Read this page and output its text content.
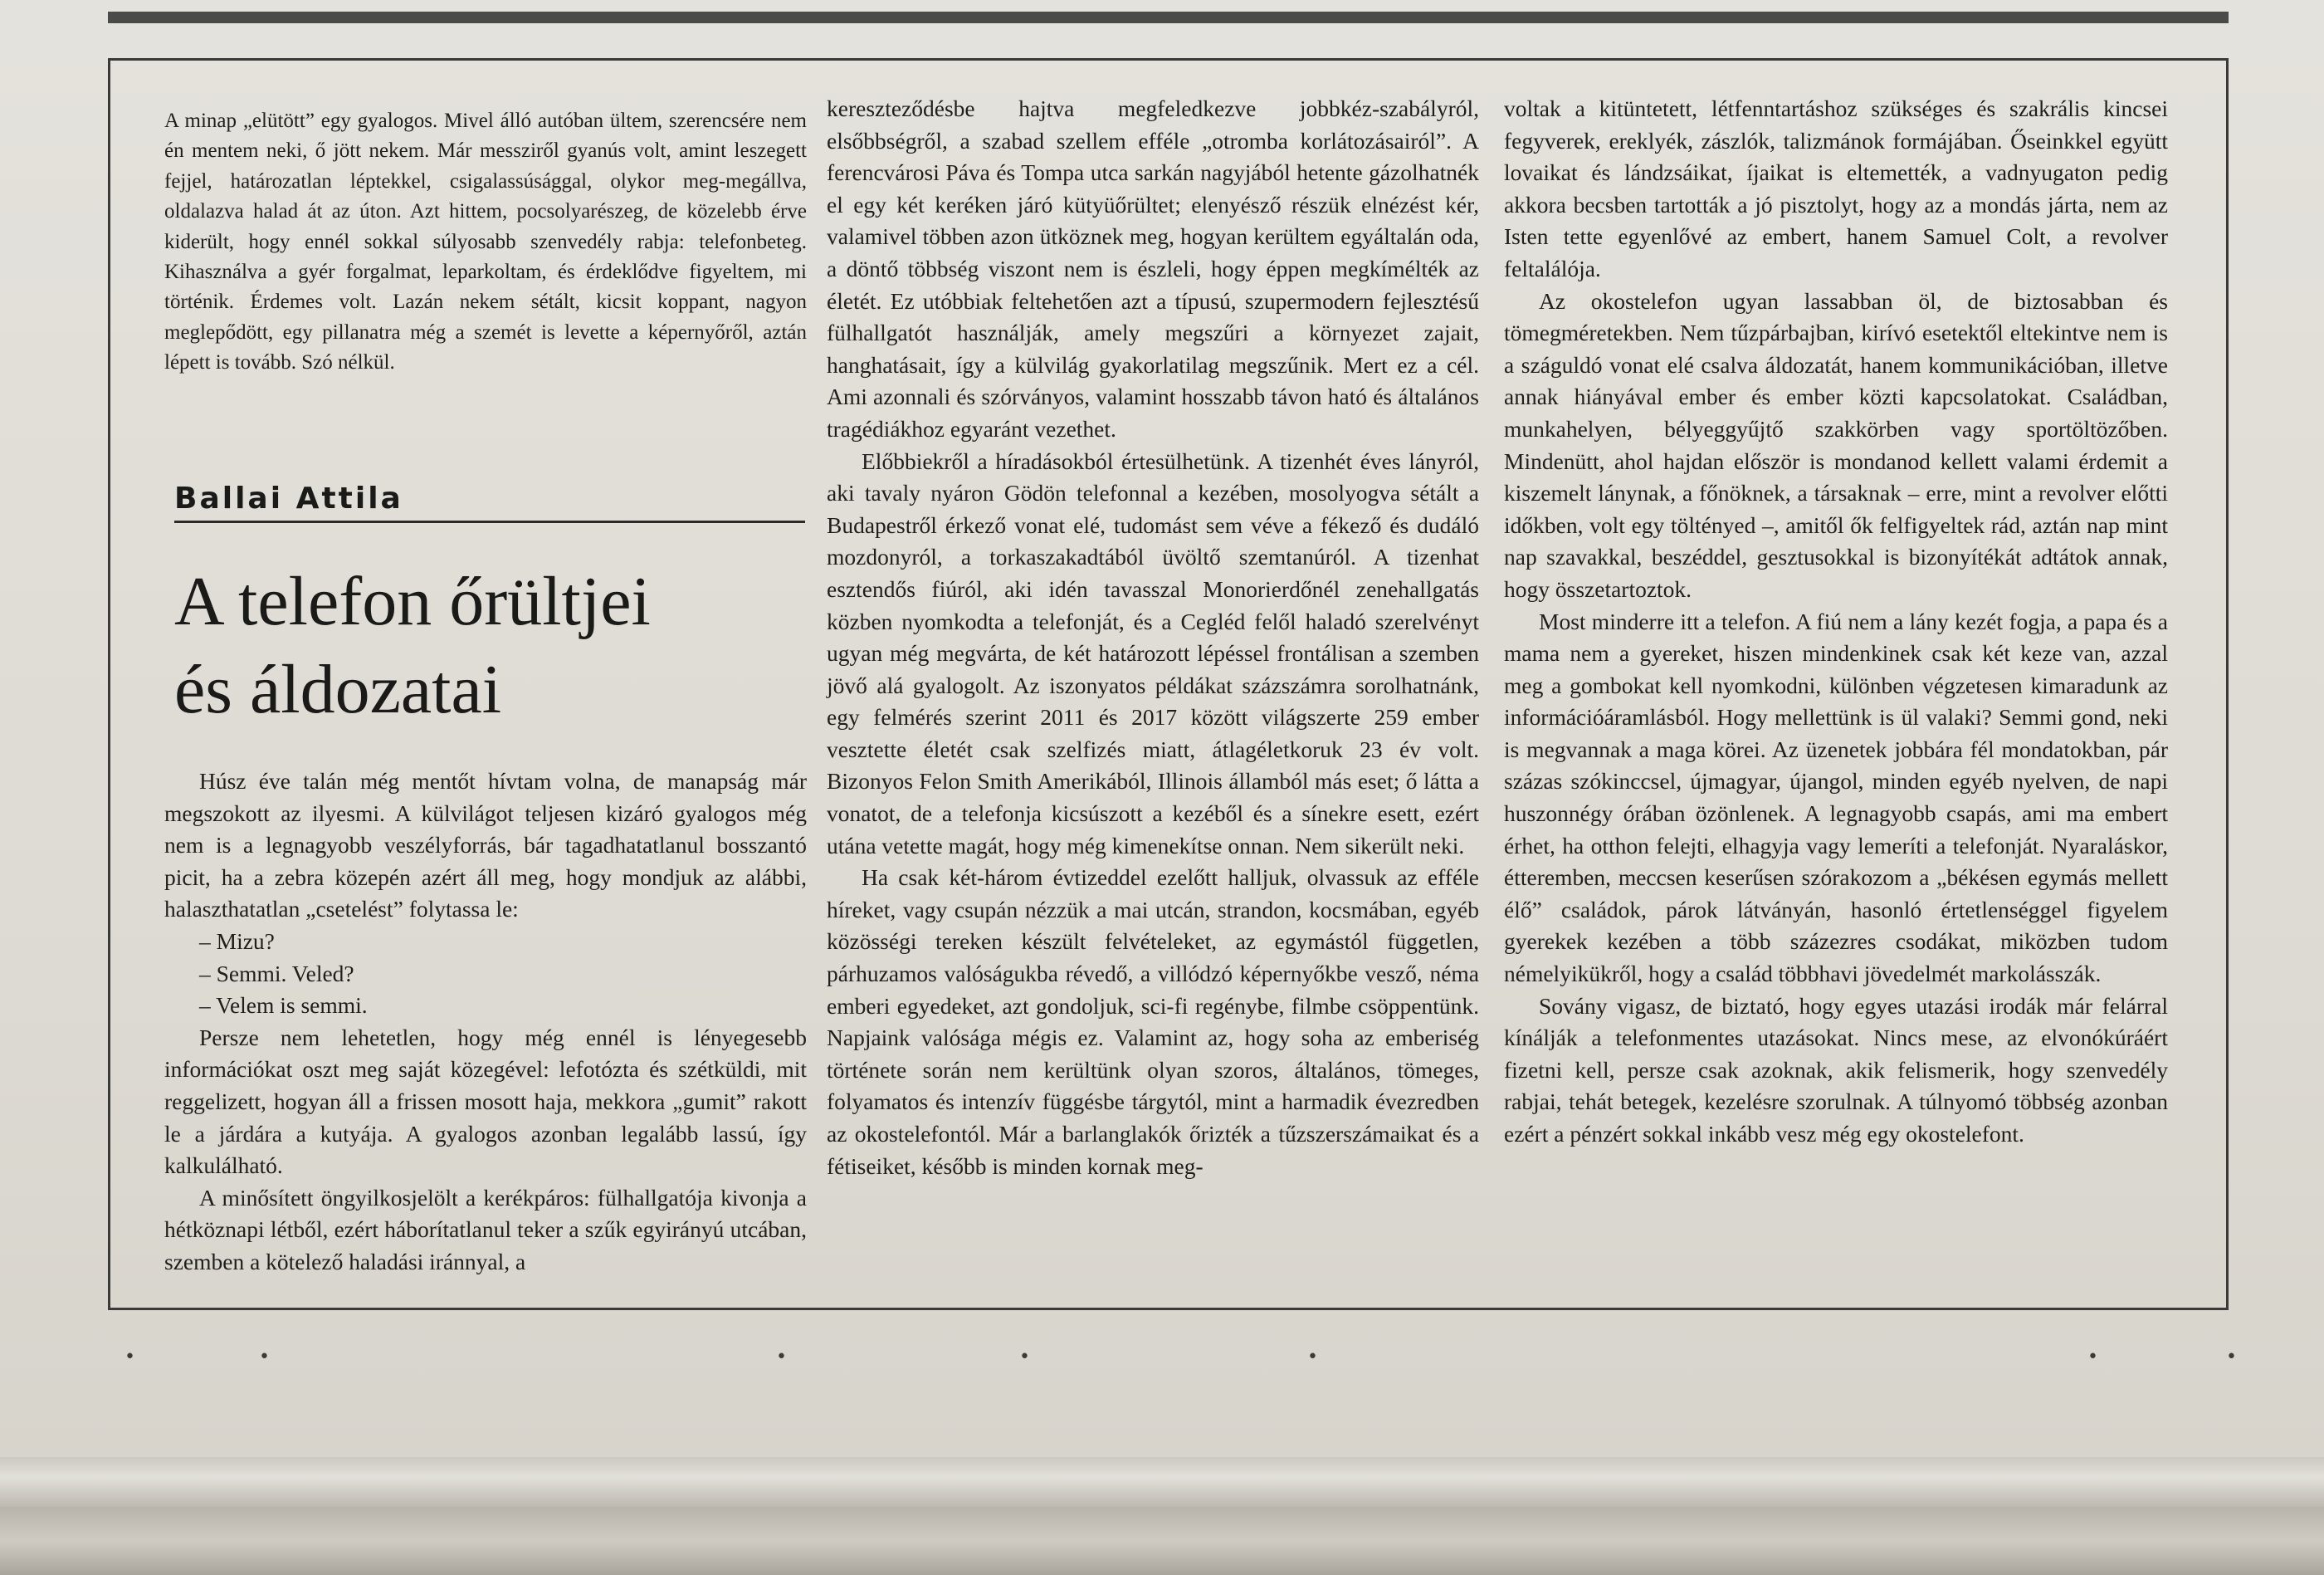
A minap „elütött” egy gyalogos. Mivel álló autóban ültem, szerencsére nem én mentem neki, ő jött nekem. Már messziről gyanús volt, amint leszegett fejjel, határozatlan léptekkel, csigalassúsággal, olykor meg-megállva, oldalazva halad át az úton. Azt hittem, pocsolyarészeg, de közelebb érve kiderült, hogy ennél sokkal súlyosabb szenvedély rabja: telefonbeteg. Kihasználva a gyér forgalmat, leparkoltam, és érdeklődve figyeltem, mi történik. Érdemes volt. Lazán nekem sétált, kicsit koppant, nagyon meglepődött, egy pillanatra még a szemét is levette a képernyőről, aztán lépett is tovább. Szó nélkül.

Ballai Attila
A telefon őrültjei
és áldozatai

Húsz éve talán még mentőt hívtam volna, de manapság már megszokott az ilyesmi. A külvilágot teljesen kizáró gyalogos még nem is a legnagyobb veszélyforrás, bár tagadhatatlanul bosszantó picit, ha a zebra közepén azért áll meg, hogy mondjuk az alábbi, halaszthatatlan „csetelést” folytassa le:

– Mizu?

– Semmi. Veled?

– Velem is semmi.

Persze nem lehetetlen, hogy még ennél is lényegesebb információkat oszt meg saját közegével: lefotózta és szétküldi, mit reggelizett, hogyan áll a frissen mosott haja, mekkora „gumit” rakott le a járdára a kutyája. A gyalogos azonban legalább lassú, így kalkulálható.

A minősített öngyilkosjelölt a kerékpáros: fülhallgatója kivonja a hétköznapi létből, ezért háborítatlanul teker a szűk egyirányú utcában, szemben a kötelező haladási iránnyal, a

kereszteződésbe hajtva megfeledkezve jobbkéz-szabályról, elsőbbségről, a szabad szellem efféle „otromba korlátozásairól”. A ferencvárosi Páva és Tompa utca sarkán nagyjából hetente gázolhatnék el egy két keréken járó kütyüőrültet; elenyésző részük elnézést kér, valamivel többen azon ütköznek meg, hogyan kerültem egyáltalán oda, a döntő többség viszont nem is észleli, hogy éppen megkímélték az életét. Ez utóbbiak feltehetően azt a típusú, szupermodern fejlesztésű fülhallgatót használják, amely megszűri a környezet zajait, hanghatásait, így a külvilág gyakorlatilag megszűnik. Mert ez a cél. Ami azonnali és szórványos, valamint hosszabb távon ható és általános tragédiákhoz egyaránt vezethet.

Előbbiekről a híradásokból értesülhetünk. A tizenhét éves lányról, aki tavaly nyáron Gödön telefonnal a kezében, mosolyogva sétált a Budapestről érkező vonat elé, tudomást sem véve a fékező és dudáló mozdonyról, a torkaszakadtából üvöltő szemtanúról. A tizenhat esztendős fiúról, aki idén tavasszal Monorierdőnél zenehallgatás közben nyomkodta a telefonját, és a Cegléd felől haladó szerelvényt ugyan még megvárta, de két határozott lépéssel frontálisan a szemben jövő alá gyalogolt. Az iszonyatos példákat százszámra sorolhatnánk, egy felmérés szerint 2011 és 2017 között világszerte 259 ember vesztette életét csak szelfizés miatt, átlagéletkoruk 23 év volt. Bizonyos Felon Smith Amerikából, Illinois államból más eset; ő látta a vonatot, de a telefonja kicsúszott a kezéből és a sínekre esett, ezért utána vetette magát, hogy még kimenekítse onnan. Nem sikerült neki.

Ha csak két-három évtizeddel ezelőtt halljuk, olvassuk az efféle híreket, vagy csupán nézzük a mai utcán, strandon, kocsmában, egyéb közösségi tereken készült felvételeket, az egymástól független, párhuzamos valóságukba révedő, a villódzó képernyőkbe vesző, néma emberi egyedeket, azt gondoljuk, sci-fi regénybe, filmbe csöppentünk. Napjaink valósága mégis ez. Valamint az, hogy soha az emberiség története során nem kerültünk olyan szoros, általános, tömeges, folyamatos és intenzív függésbe tárgytól, mint a harmadik évezredben az okostelefontól. Már a barlanglakók őrizték a tűzszerszámaikat és a fétiseiket, később is minden kornak meg-

voltak a kitüntetett, létfenntartáshoz szükséges és szakrális kincsei fegyverek, ereklyék, zászlók, talizmánok formájában. Őseinkkel együtt lovaikat és lándzsáikat, íjaikat is eltemették, a vadnyugaton pedig akkora becsben tartották a jó pisztolyt, hogy az a mondás járta, nem az Isten tette egyenlővé az embert, hanem Samuel Colt, a revolver feltalálója.

Az okostelefon ugyan lassabban öl, de biztosabban és tömegméretekben. Nem tűzpárbajban, kirívó esetektől eltekintve nem is a száguldó vonat elé csalva áldozatát, hanem kommunikációban, illetve annak hiányával ember és ember közti kapcsolatokat. Családban, munkahelyen, bélyeggyűjtő szakkörben vagy sportöltözőben. Mindenütt, ahol hajdan először is mondanod kellett valami érdemit a kiszemelt lánynak, a főnöknek, a társaknak – erre, mint a revolver előtti időkben, volt egy töltényed –, amitől ők felfigyeltek rád, aztán nap mint nap szavakkal, beszéddel, gesztusokkal is bizonyítékát adtátok annak, hogy összetartoztok.

Most minderre itt a telefon. A fiú nem a lány kezét fogja, a papa és a mama nem a gyereket, hiszen mindenkinek csak két keze van, azzal meg a gombokat kell nyomkodni, különben végzetesen kimaradunk az információáramlásból. Hogy mellettünk is ül valaki? Semmi gond, neki is megvannak a maga körei. Az üzenetek jobbára fél mondatokban, pár százas szókinccsel, újmagyar, újangol, minden egyéb nyelven, de napi huszonnégy órában özönlenek. A legnagyobb csapás, ami ma embert érhet, ha otthon felejti, elhagyja vagy lemeríti a telefonját. Nyaraláskor, étteremben, meccsen keserűsen szórakozom a „békésen egymás mellett élő” családok, párok látványán, hasonló értetlenséggel figyelem gyerekek kezében a több százezres csodákat, miközben tudom némelyikükről, hogy a család többhavi jövedelmét markolásszák.

Sovány vigasz, de biztató, hogy egyes utazási irodák már felárral kínálják a telefonmentes utazásokat. Nincs mese, az elvonókúráért fizetni kell, persze csak azoknak, akik felismerik, hogy szenvedély rabjai, tehát betegek, kezelésre szorulnak. A túlnyomó többség azonban ezért a pénzért sokkal inkább vesz még egy okostelefont.

•	•	•	•	•	•	•
